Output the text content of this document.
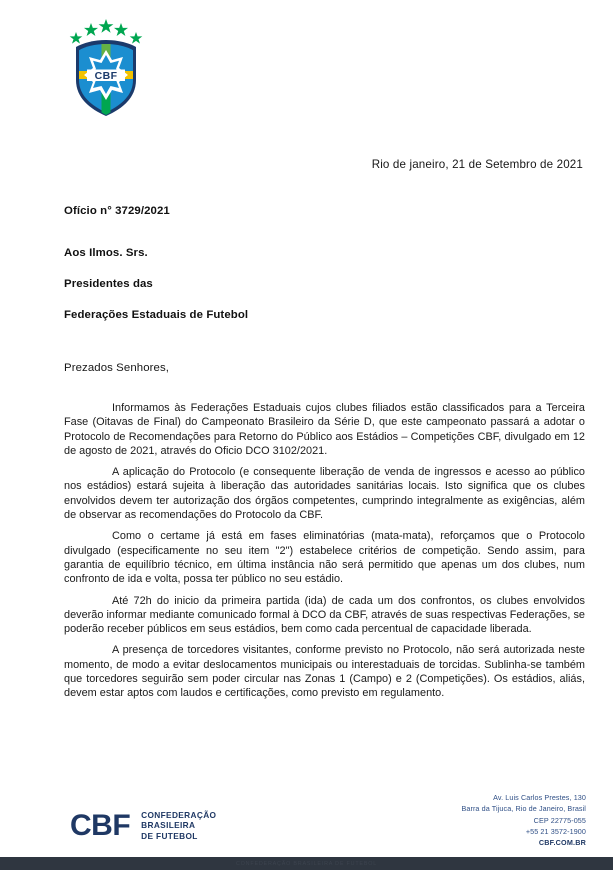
CBF
Rio de janeiro, 21 de Setembro de 2021
Ofício n° 3729/2021
Aos Ilmos. Srs.
Presidentes das
Federações Estaduais de Futebol
Prezados Senhores,

Informamos às Federações Estaduais cujos clubes filiados estão classificados para a Terceira Fase (Oitavas de Final) do Campeonato Brasileiro da Série D, que este campeonato passará a adotar o Protocolo de Recomendações para Retorno do Público aos Estádios – Competições CBF, divulgado em 12 de agosto de 2021, através do Oficio DCO 3102/2021.

A aplicação do Protocolo (e consequente liberação de venda de ingressos e acesso ao público nos estádios) estará sujeita à liberação das autoridades sanitárias locais. Isto significa que os clubes envolvidos devem ter autorização dos órgãos competentes, cumprindo integralmente as exigências, além de observar as recomendações do Protocolo da CBF.

Como o certame já está em fases eliminatórias (mata-mata), reforçamos que o Protocolo divulgado (especificamente no seu item "2") estabelece critérios de competição. Sendo assim, para garantia de equilíbrio técnico, em última instância não será permitido que apenas um dos clubes, num confronto de ida e volta, possa ter público no seu estádio.

Até 72h do inicio da primeira partida (ida) de cada um dos confrontos, os clubes envolvidos deverão informar mediante comunicado formal à DCO da CBF, através de suas respectivas Federações, se poderão receber públicos em seus estádios, bem como cada percentual de capacidade liberada.

A presença de torcedores visitantes, conforme previsto no Protocolo, não será autorizada neste momento, de modo a evitar deslocamentos municipais ou interestaduais de torcidas. Sublinha-se também que torcedores seguirão sem poder circular nas Zonas 1 (Campo) e 2 (Competições). Os estádios, aliás, devem estar aptos com laudos e certificações, como previsto em regulamento.

CBF CONFEDERAÇÃO
BRASILEIRA
DE FUTEBOL
Av. Luis Carlos Prestes, 130
Barra da Tijuca, Rio de Janeiro, Brasil
CEP 22775-055
+55 21 3572-1900
CBF.COM.BR
CONFEDERAÇÃO BRASILEIRA DE FUTEBOL
